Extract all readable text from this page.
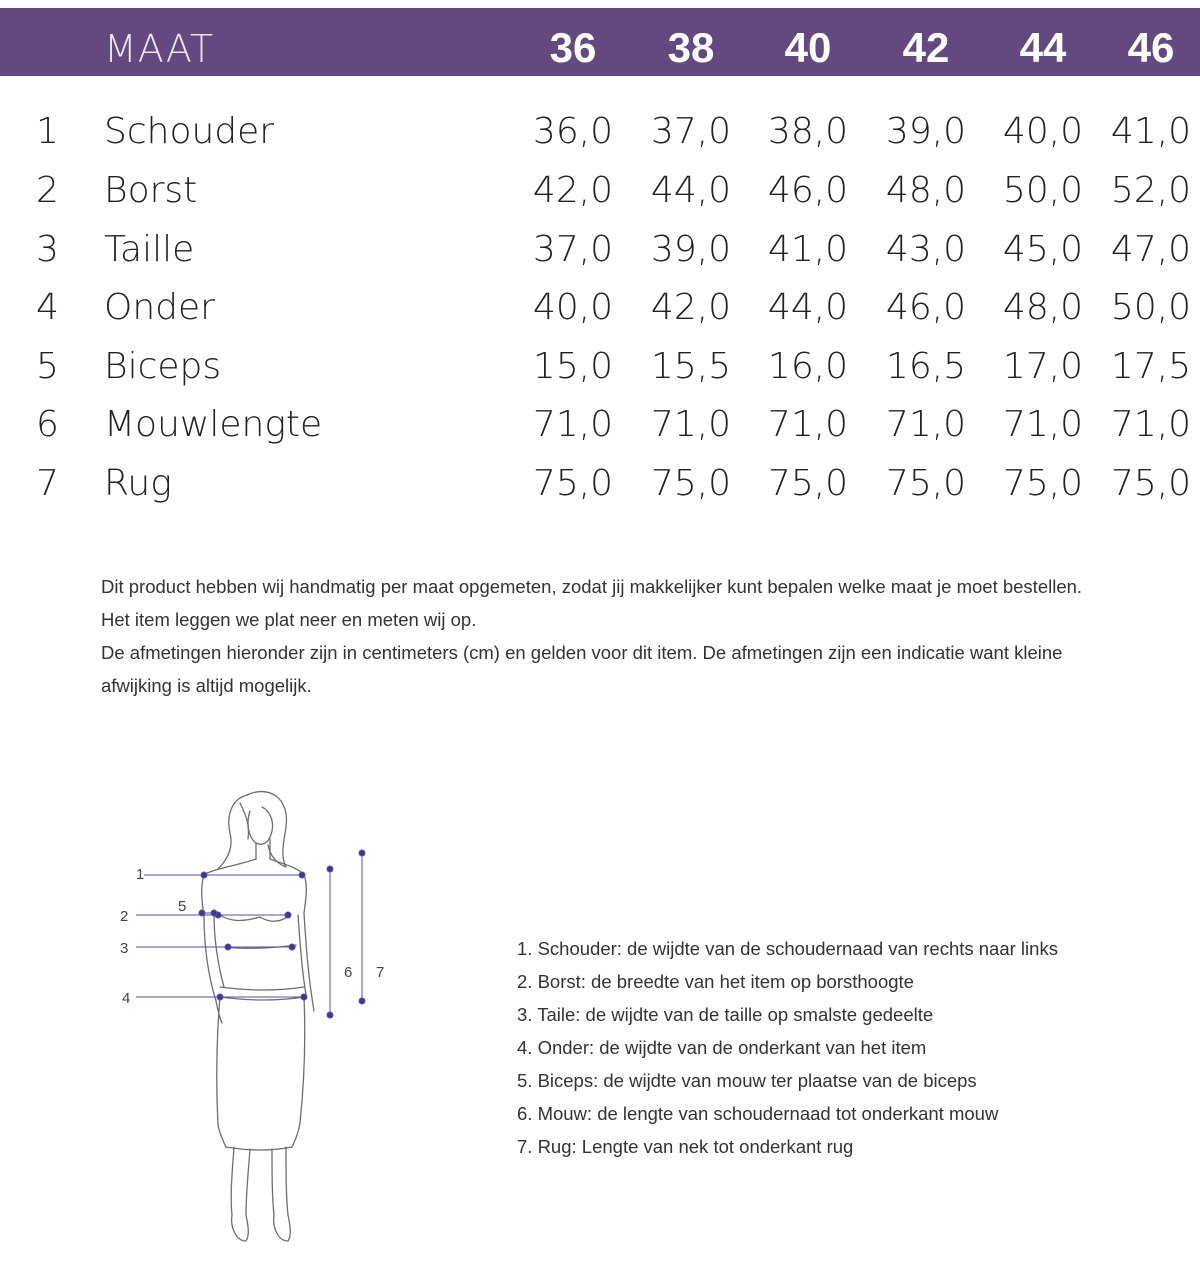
MAAT	36	38	40	42	44	46
1 Schouder	36,0	37,0	38,0	39,0	40,0 41,0
2 Borst	42,0	44,0	46,0	48,0	50,0 52,0
3 Taille	37,0	39,0	41,0	43,0	45,0 47,0
4 Onder	40,0	42,0	44,0	46,0	48,0 50,0
5 Biceps	15,0	15,5	16,0	16,5	17,0 17,5
6 Mouwlengte	71,0	71,0	71,0	71,0	71,0 71,0
7 Rug	75,0	75,0	75,0	75,0	75,0 75,0

Dit product hebben wij handmatig per maat opgemeten, zodat jij makkelijker kunt bepalen welke maat je moet bestellen.

Het item leggen we plat neer en meten wij op.

De afmetingen hieronder zijn in centimeters (cm) en gelden voor dit item. De afmetingen zijn een indicatie want kleine afwijking is altijd mogelijk.

1
2
3
4
5
6 7
1. Schouder: de wijdte van de schoudernaad van rechts naar links
2. Borst: de breedte van het item op borsthoogte
3. Taile: de wijdte van de taille op smalste gedeelte
4. Onder: de wijdte van de onderkant van het item
5. Biceps: de wijdte van mouw ter plaatse van de biceps
6. Mouw: de lengte van schoudernaad tot onderkant mouw
7. Rug: Lengte van nek tot onderkant rug
